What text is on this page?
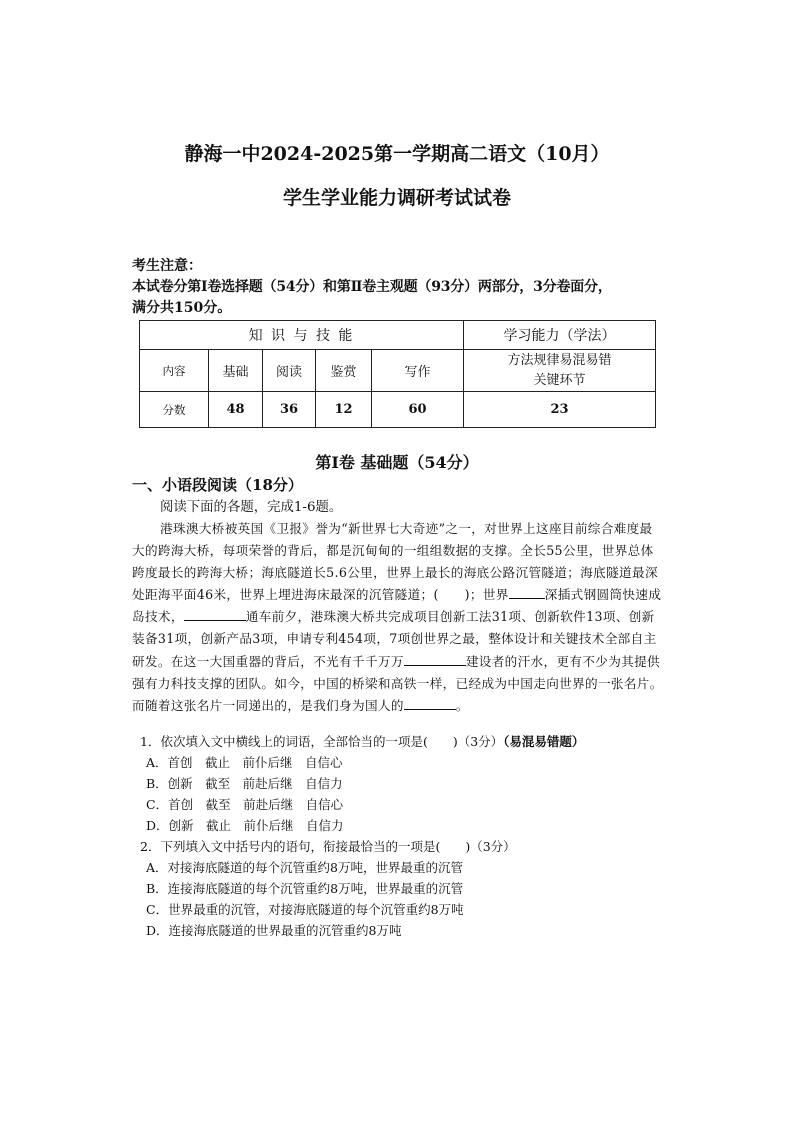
静海一中2024-2025第一学期高二语文（10月）
学生学业能力调研考试试卷
考生注意：
本试卷分第Ⅰ卷选择题（54分）和第Ⅱ卷主观题（93分）两部分，3分卷面分，
满分共150分。
知 识 与 技 能					学习能力（学法）
内容	基础	阅读	鉴赏	写作	方法规律易混易错
关键环节

分数	48	36	12	60	23
第Ⅰ卷 基础题（54分）
一、小语段阅读（18分）
阅读下面的各题，完成1-6题。
港珠澳大桥被英国《卫报》誉为“新世界七大奇迹”之一，对世界上这座目前综合难度最大的跨海大桥，每项荣誉的背后，都是沉甸甸的一组组数据的支撑。全长55公里，世界总体跨度最长的跨海大桥；海底隧道长5.6公里，世界上最长的海底公路沉管隧道；海底隧道最深处距海平面46米，世界上埋进海床最深的沉管隧道；(　　 )；世界	深插式钢圆筒快速成岛技术，	通车前夕，港珠澳大桥共完成项目创新工法31项、创新软件13项、创新装备31项，创新产品3项，申请专利454项，7项创世界之最，整体设计和关键技术全部自主研发。在这一大国重器的背后，不光有千千万万	建设者的汗水，更有不少为其提供强有力科技支撑的团队。如今，中国的桥梁和高铁一样，已经成为中国走向世界的一张名片。而随着这张名片一同递出的，是我们身为国人的	。
1．依次填入文中横线上的词语，全部恰当的一项是(　　)（3分）（易混易错题）
A．首创　截止　前仆后继　自信心
B．创新　截至　前赴后继　自信力
C．首创　截至　前赴后继　自信心
D．创新　截止　前仆后继　自信力
2．下列填入文中括号内的语句，衔接最恰当的一项是(　　)（3分）
A．对接海底隧道的每个沉管重约8万吨，世界最重的沉管
B．连接海底隧道的每个沉管重约8万吨，世界最重的沉管
C．世界最重的沉管，对接海底隧道的每个沉管重约8万吨
D．连接海底隧道的世界最重的沉管重约8万吨
